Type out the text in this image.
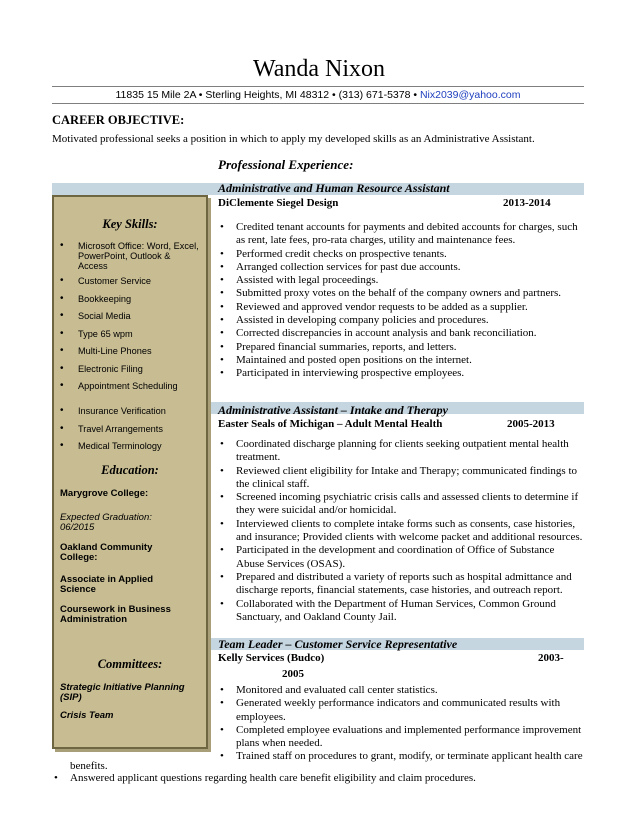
Wanda Nixon
11835 15 Mile 2A • Sterling Heights, MI 48312 • (313) 671-5378 • Nix2039@yahoo.com
CAREER OBJECTIVE:
Motivated professional seeks a position in which to apply my developed skills as an Administrative Assistant.
Professional Experience:
Administrative and Human Resource Assistant
DiClemente Siegel Design	2013-2014
• Credited tenant accounts for payments and debited accounts for charges, such as rent, late fees, pro-rata charges, utility and maintenance fees.
• Performed credit checks on prospective tenants.
• Arranged collection services for past due accounts.
• Assisted with legal proceedings.
• Submitted proxy votes on the behalf of the company owners and partners.
• Reviewed and approved vendor requests to be added as a supplier.
• Assisted in developing company policies and procedures.
• Corrected discrepancies in account analysis and bank reconciliation.
• Prepared financial summaries, reports, and letters.
• Maintained and posted open positions on the internet.
• Participated in interviewing prospective employees.
Administrative Assistant – Intake and Therapy
Easter Seals of Michigan – Adult Mental Health	2005-2013
• Coordinated discharge planning for clients seeking outpatient mental health treatment.
• Reviewed client eligibility for Intake and Therapy; communicated findings to the clinical staff.
• Screened incoming psychiatric crisis calls and assessed clients to determine if they were suicidal and/or homicidal.
• Interviewed clients to complete intake forms such as consents, case histories, and insurance; Provided clients with welcome packet and additional resources.
• Participated in the development and coordination of Office of Substance Abuse Services (OSAS).
• Prepared and distributed a variety of reports such as hospital admittance and discharge reports, financial statements, case histories, and outreach report.
• Collaborated with the Department of Human Services, Common Ground Sanctuary, and Oakland County Jail.
Team Leader – Customer Service Representative
Kelly Services (Budco)	2003-
2005
• Monitored and evaluated call center statistics.
• Generated weekly performance indicators and communicated results with employees.
• Completed employee evaluations and implemented performance improvement plans when needed.
• Trained staff on procedures to grant, modify, or terminate applicant health care
benefits.
• Answered applicant questions regarding health care benefit eligibility and claim procedures.
Key Skills:
• Microsoft Office: Word, Excel, PowerPoint, Outlook & Access
• Customer Service
• Bookkeeping
• Social Media
• Type 65 wpm
• Multi-Line Phones
• Electronic Filing
• Appointment Scheduling
• Insurance Verification
• Travel Arrangements
• Medical Terminology
Education:
Marygrove College:
Expected Graduation: 06/2015
Oakland Community College:
Associate in Applied Science
Coursework in Business Administration
Committees:
Strategic Initiative Planning (SIP)
Crisis Team
